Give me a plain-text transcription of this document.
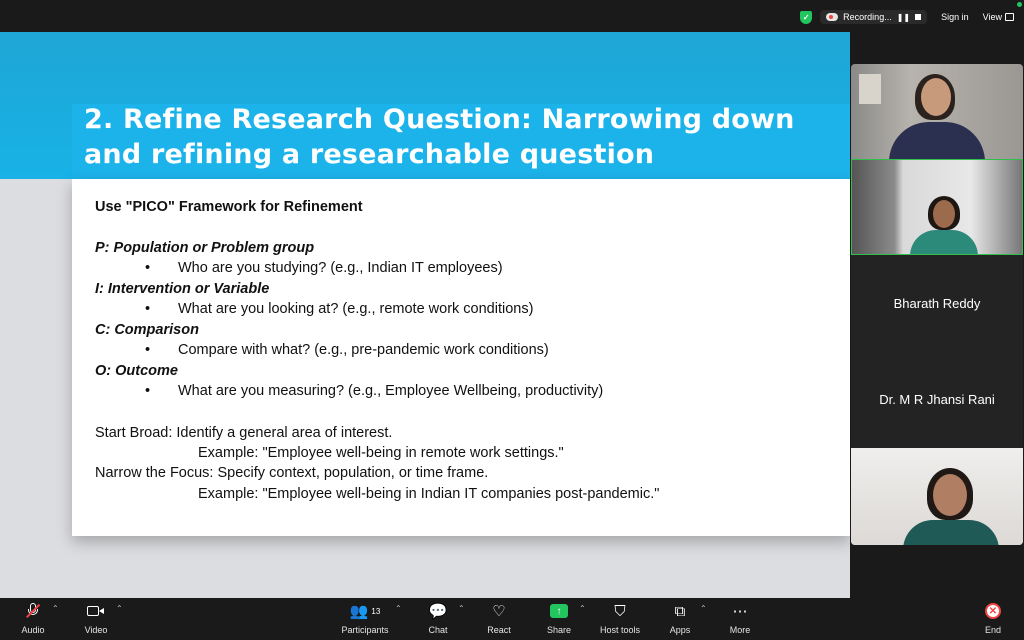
✓	Recording... ❚❚	Sign in	View
2. Refine Research Question: Narrowing down and refining a researchable question
Use "PICO" Framework for Refinement
P: Population or Problem group
• Who are you studying? (e.g., Indian IT employees)
I: Intervention or Variable
• What are you looking at? (e.g., remote work conditions)
C: Comparison
• Compare with what? (e.g., pre-pandemic work conditions)
O: Outcome
• What are you measuring? (e.g., Employee Wellbeing, productivity)
Start Broad: Identify a general area of interest.
Example: "Employee well-being in remote work settings."
Narrow the Focus: Specify context, population, or time frame.
Example: "Employee well-being in Indian IT companies post-pandemic."
Bharath Reddy
Dr. M R Jhansi Rani
Audio
⌃
Video
⌃	👥 13
Participants
⌃ 💬
Chat
⌃ ♡
React
↑
Share
⌃ ⛉
Host tools
⧉
Apps
⌃ ⋯
More
✕
End
